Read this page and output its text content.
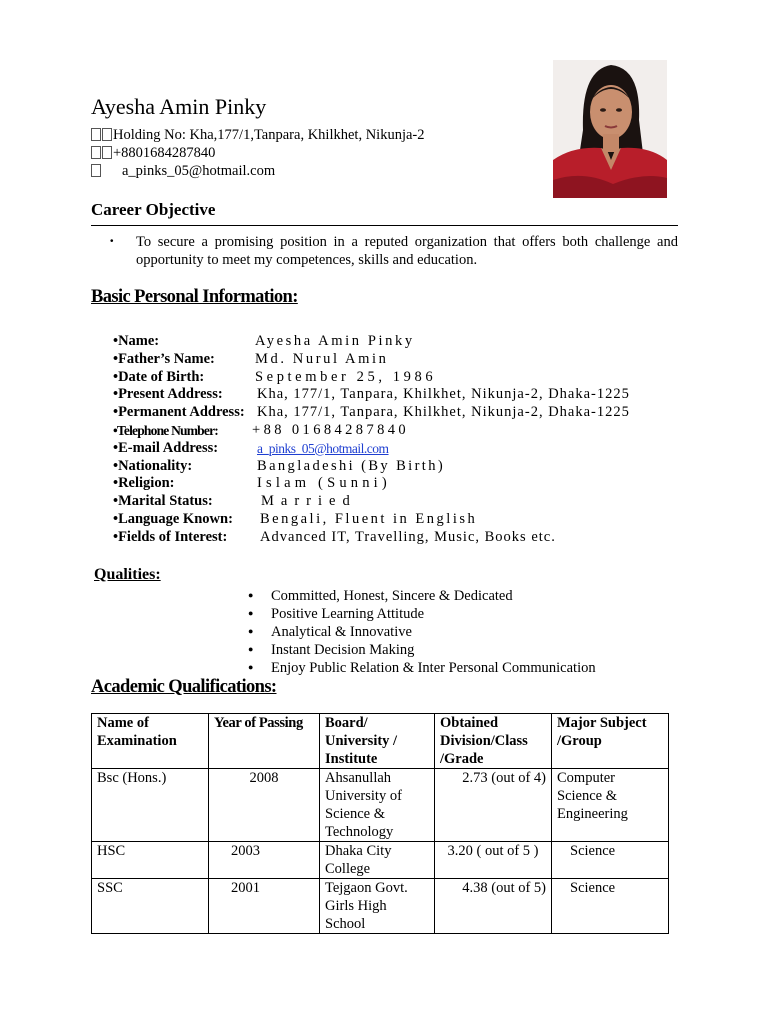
Ayesha Amin Pinky
Holding No: Kha,177/1,Tanpara, Khilkhet, Nikunja-2
+8801684287840
a_pinks_05@hotmail.com
Career Objective
• To secure a promising position in a reputed organization that offers both challenge and opportunity to meet my competences, skills and education.
Basic Personal Information:
•Name:	Ayesha Amin Pinky
•Father’s Name:	Md. Nurul Amin
•Date of Birth:	September 25, 1986
•Present Address: Kha, 177/1, Tanpara, Khilkhet, Nikunja-2, Dhaka-1225
•Permanent Address: Kha, 177/1, Tanpara, Khilkhet, Nikunja-2, Dhaka-1225
•Telephone Number: +88 01684287840
•E-mail Address:	a_pinks_05@hotmail.com
•Nationality:	Bangladeshi (By Birth)
•Religion:	Islam (Sunni)
•Marital Status:	Married
•Language Known: Bengali, Fluent in English
•Fields of Interest: Advanced IT, Travelling, Music, Books etc.
Qualities:
● Committed, Honest, Sincere & Dedicated
● Positive Learning Attitude
● Analytical & Innovative
● Instant Decision Making
● Enjoy Public Relation & Inter Personal Communication
Academic Qualifications:
Name of Examination	Year of Passing	Board/ University / Institute	Obtained Division/Class /Grade	Major Subject /Group
Bsc (Hons.)	2008	Ahsanullah University of Science & Technology	2.73 (out of 4)	Computer Science & Engineering
HSC	2003	Dhaka City College	3.20 ( out of 5 )	Science
SSC	2001	Tejgaon Govt. Girls High School	4.38 (out of 5)	Science
